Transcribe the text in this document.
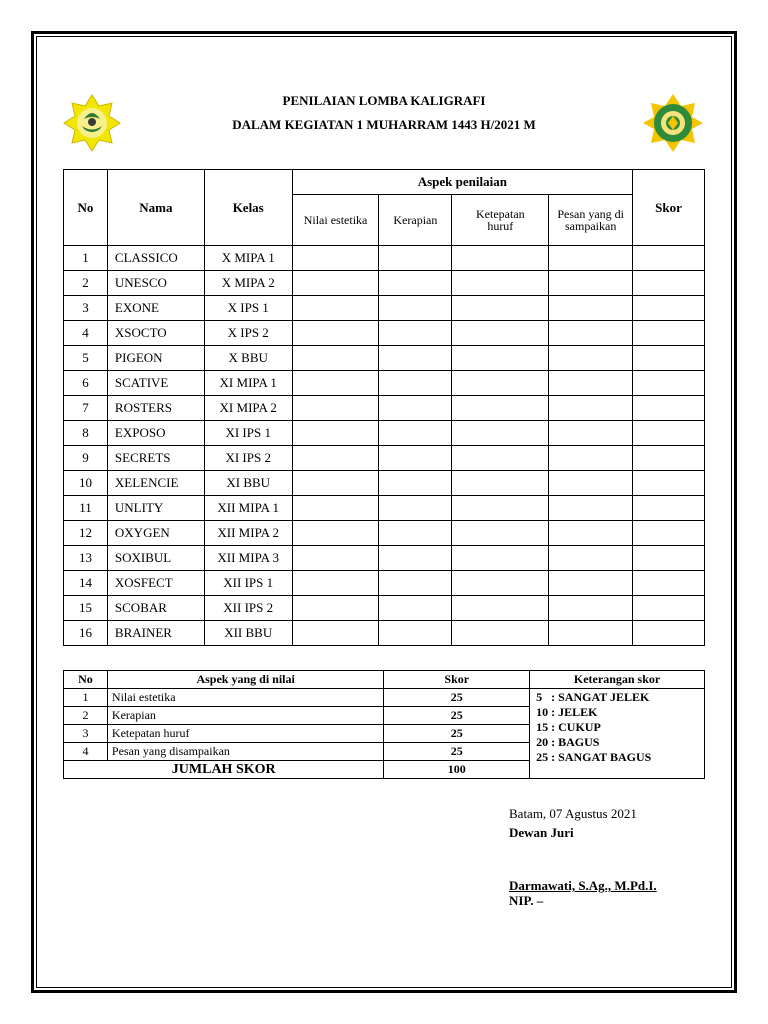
PENILAIAN LOMBA KALIGRAFI
DALAM KEGIATAN 1 MUHARRAM 1443 H/2021 M
No	Nama	Kelas	Aspek penilaian				Skor
			Nilai estetika	Kerapian	Ketepatan huruf	Pesan yang disampaikan	
1	CLASSICO	X MIPA 1					
2	UNESCO	X MIPA 2					
3	EXONE	X IPS 1					
4	XSOCTO	X IPS 2					
5	PIGEON	X BBU					
6	SCATIVE	XI MIPA 1					
7	ROSTERS	XI MIPA 2					
8	EXPOSO	XI IPS 1					
9	SECRETS	XI IPS 2					
10	XELENCIE	XI BBU					
11	UNLITY	XII MIPA 1					
12	OXYGEN	XII MIPA 2					
13	SOXIBUL	XII MIPA 3					
14	XOSFECT	XII IPS 1					
15	SCOBAR	XII IPS 2					
16	BRAINER	XII BBU					
No	Aspek yang di nilai	Skor	Keterangan skor
1	Nilai estetika	25	5   : SANGAT JELEK
10 : JELEK
15 : CUKUP
20 : BAGUS
25 : SANGAT BAGUS

2	Kerapian	25	
3	Ketepatan huruf	25	
4	Pesan yang disampaikan	25	
JUMLAH SKOR		100	
Batam, 07 Agustus 2021
Dewan Juri
Darmawati, S.Ag., M.Pd.I.
NIP. –
